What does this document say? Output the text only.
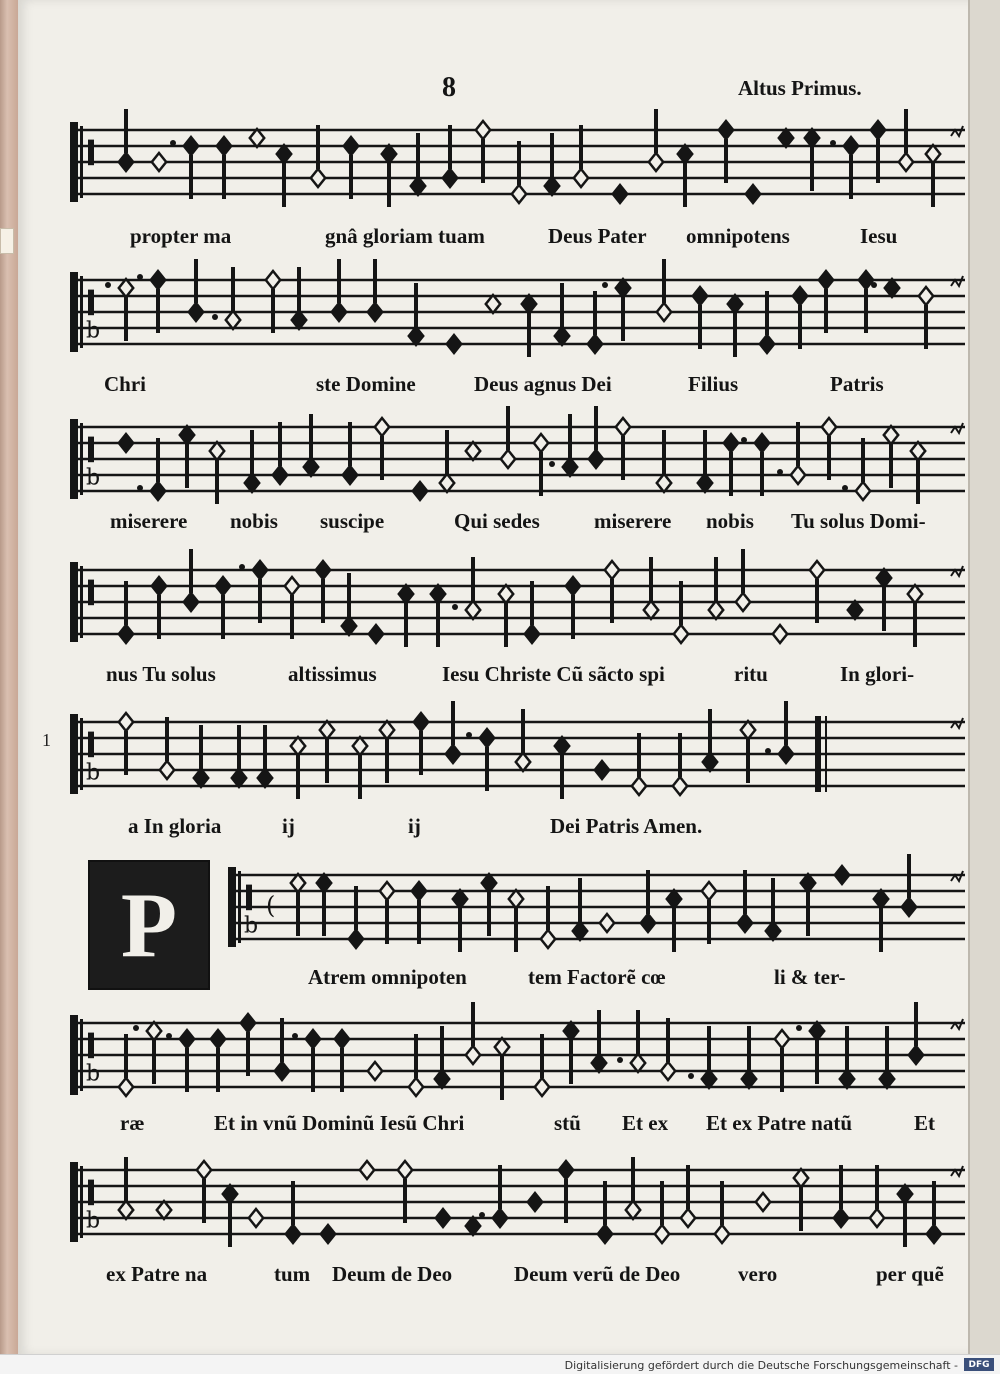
8	Altus Primus.
1
propter ma	gnâ gloriam tuam	Deus Pater omnipotens	Iesu
b
Chri	ste Domine	Deus agnus Dei	Filius	Patris
b
miserere nobis suscipe	Qui sedes	miserere nobis Tu solus Domi-
nus Tu solus	altissimus	Iesu Christe Cũ sãcto spi	ritu	In glori-
b
a In gloria	ij	ij	Dei Patris Amen.
b
(
Atrem omnipoten	tem Factorẽ cœ	li & ter-
b
ræ	Et in vnũ Dominũ Iesũ Chri	stũ Et ex Et ex Patre natũ	Et
b
ex Patre na	tum Deum de Deo	Deum verũ de Deo	vero	per quẽ
P
Digitalisierung gefördert durch die Deutsche Forschungsgemeinschaft -	DFG
